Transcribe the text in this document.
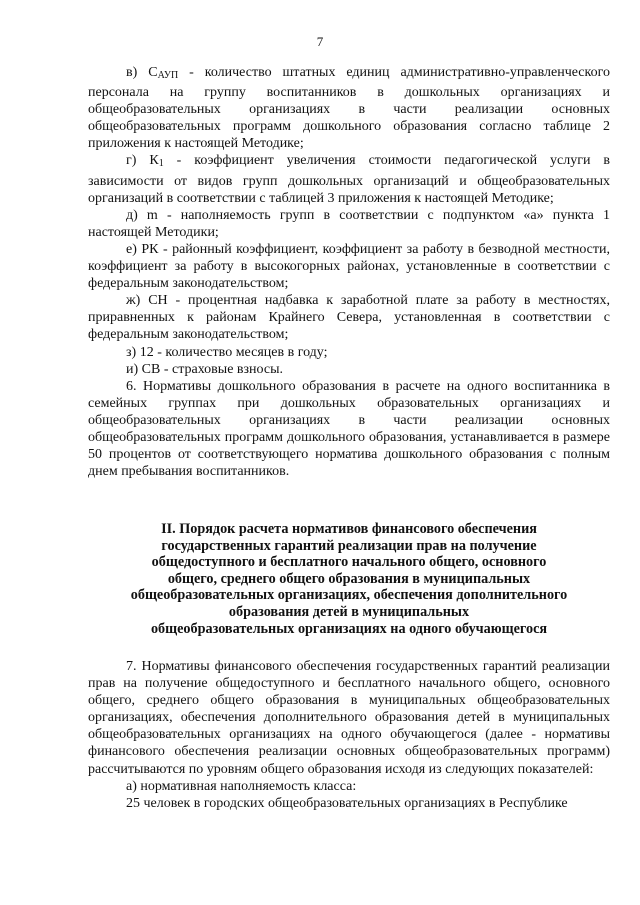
7

в) $С_{АУП}$ - количество штатных единиц административно-управленческого персонала на группу воспитанников в дошкольных организациях и общеобразовательных организациях в части реализации основных общеобразовательных программ дошкольного образования согласно таблице 2 приложения к настоящей Методике;

г) $К_1$ - коэффициент увеличения стоимости педагогической услуги в зависимости от видов групп дошкольных организаций и общеобразовательных организаций в соответствии с таблицей 3 приложения к настоящей Методике;

д) m - наполняемость групп в соответствии с подпунктом «а» пункта 1 настоящей Методики;

е) РК - районный коэффициент, коэффициент за работу в безводной местности, коэффициент за работу в высокогорных районах, установленные в соответствии с федеральным законодательством;

ж) СН - процентная надбавка к заработной плате за работу в местностях, приравненных к районам Крайнего Севера, установленная в соответствии с федеральным законодательством;

з) 12 - количество месяцев в году;

и) СВ - страховые взносы.

6. Нормативы дошкольного образования в расчете на одного воспитанника в семейных группах при дошкольных образовательных организациях и общеобразовательных организациях в части реализации основных общеобразовательных программ дошкольного образования, устанавливается в размере 50 процентов от соответствующего норматива дошкольного образования с полным днем пребывания воспитанников.

II. Порядок расчета нормативов финансового обеспечения
государственных гарантий реализации прав на получение
общедоступного и бесплатного начального общего, основного
общего, среднего общего образования в муниципальных
общеобразовательных организациях, обеспечения дополнительного
образования детей в муниципальных
общеобразовательных организациях на одного обучающегося

7. Нормативы финансового обеспечения государственных гарантий реализации прав на получение общедоступного и бесплатного начального общего, основного общего, среднего общего образования в муниципальных общеобразовательных организациях, обеспечения дополнительного образования детей в муниципальных общеобразовательных организациях на одного обучающегося (далее - нормативы финансового обеспечения реализации основных общеобразовательных программ) рассчитываются по уровням общего образования исходя из следующих показателей:

а) нормативная наполняемость класса:

25 человек в городских общеобразовательных организациях в Республике
